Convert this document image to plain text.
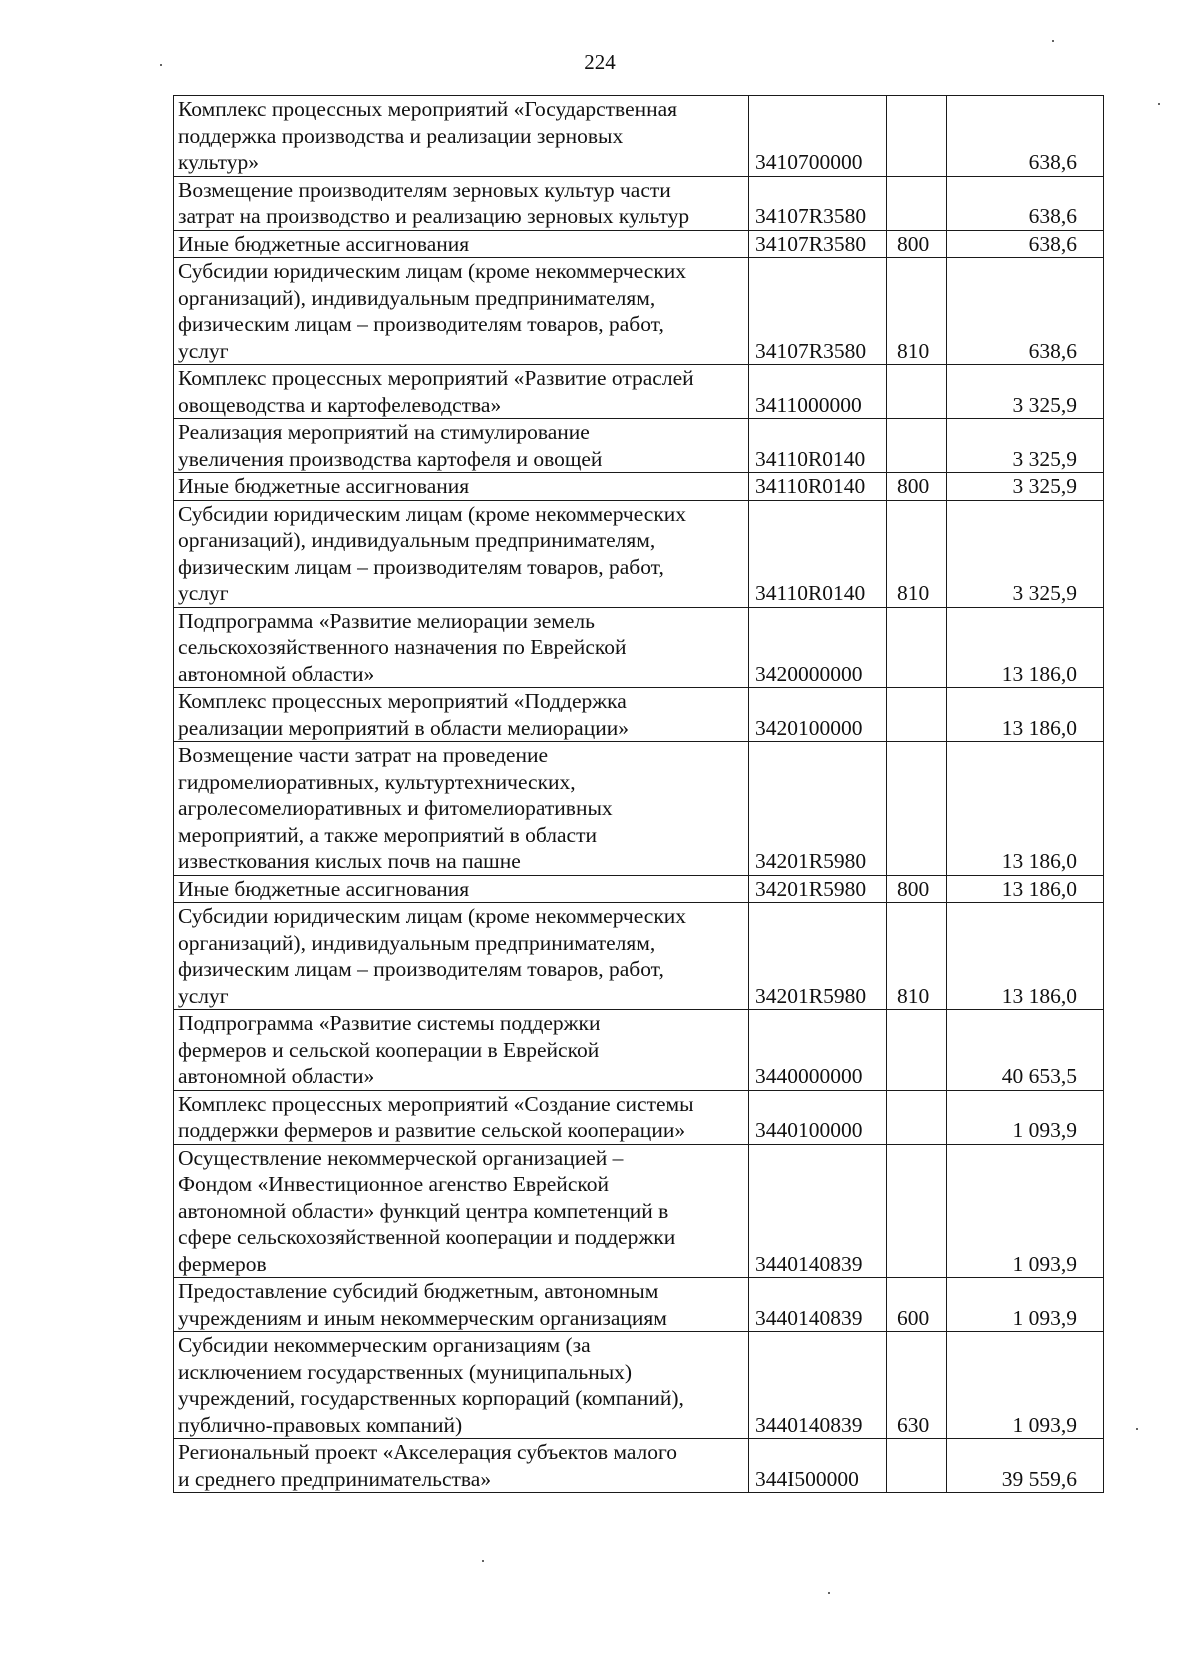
224
Комплекс процессных мероприятий «Государственная
поддержка производства и реализации зерновых
культур»	3410700000		638,6
Возмещение производителям зерновых культур части
затрат на производство и реализацию зерновых культур	34107R3580		638,6
Иные бюджетные ассигнования	34107R3580	800	638,6
Субсидии юридическим лицам (кроме некоммерческих
организаций), индивидуальным предпринимателям,
физическим лицам – производителям товаров, работ,
услуг	34107R3580	810	638,6
Комплекс процессных мероприятий «Развитие отраслей
овощеводства и картофелеводства»	3411000000		3 325,9
Реализация мероприятий на стимулирование
увеличения производства картофеля и овощей	34110R0140		3 325,9
Иные бюджетные ассигнования	34110R0140	800	3 325,9
Субсидии юридическим лицам (кроме некоммерческих
организаций), индивидуальным предпринимателям,
физическим лицам – производителям товаров, работ,
услуг	34110R0140	810	3 325,9
Подпрограмма «Развитие мелиорации земель
сельскохозяйственного назначения по Еврейской
автономной области»	3420000000		13 186,0
Комплекс процессных мероприятий «Поддержка
реализации мероприятий в области мелиорации»	3420100000		13 186,0
Возмещение части затрат на проведение
гидромелиоративных, культуртехнических,
агролесомелиоративных и фитомелиоративных
мероприятий, а также мероприятий в области
известкования кислых почв на пашне	34201R5980		13 186,0
Иные бюджетные ассигнования	34201R5980	800	13 186,0
Субсидии юридическим лицам (кроме некоммерческих
организаций), индивидуальным предпринимателям,
физическим лицам – производителям товаров, работ,
услуг	34201R5980	810	13 186,0
Подпрограмма «Развитие системы поддержки
фермеров и сельской кооперации в Еврейской
автономной области»	3440000000		40 653,5
Комплекс процессных мероприятий «Создание системы
поддержки фермеров и развитие сельской кооперации»	3440100000		1 093,9
Осуществление некоммерческой организацией –
Фондом «Инвестиционное агенство Еврейской
автономной области» функций центра компетенций в
сфере сельскохозяйственной кооперации и поддержки
фермеров	3440140839		1 093,9
Предоставление субсидий бюджетным, автономным
учреждениям и иным некоммерческим организациям	3440140839	600	1 093,9
Субсидии некоммерческим организациям (за
исключением государственных (муниципальных)
учреждений, государственных корпораций (компаний),
публично-правовых компаний)	3440140839	630	1 093,9
Региональный проект «Акселерация субъектов малого
и среднего предпринимательства»	344I500000		39 559,6
